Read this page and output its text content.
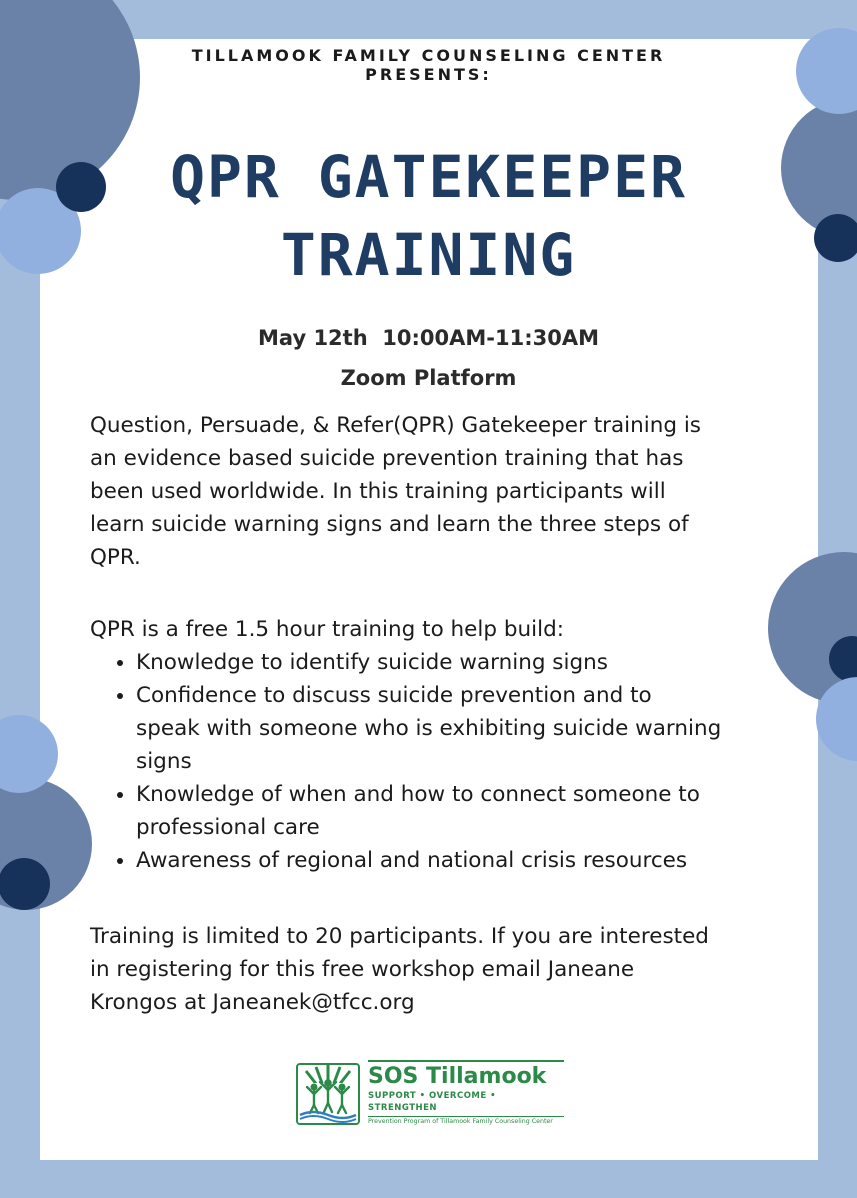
TILLAMOOK FAMILY COUNSELING CENTER
PRESENTS:
QPR GATEKEEPER
TRAINING
May 12th  10:00AM-11:30AM
Zoom Platform
Question, Persuade, & Refer(QPR) Gatekeeper training is
an evidence based suicide prevention training that has
been used worldwide. In this training participants will
learn suicide warning signs and learn the three steps of
QPR.
QPR is a free 1.5 hour training to help build:
• Knowledge to identify suicide warning signs
• Confidence to discuss suicide prevention and to
speak with someone who is exhibiting suicide warning
signs
• Knowledge of when and how to connect someone to
professional care
• Awareness of regional and national crisis resources
Training is limited to 20 participants. If you are interested
in registering for this free workshop email Janeane
Krongos at Janeanek@tfcc.org
SOS Tillamook
SUPPORT • OVERCOME • STRENGTHEN
Prevention Program of Tillamook Family Counseling Center
